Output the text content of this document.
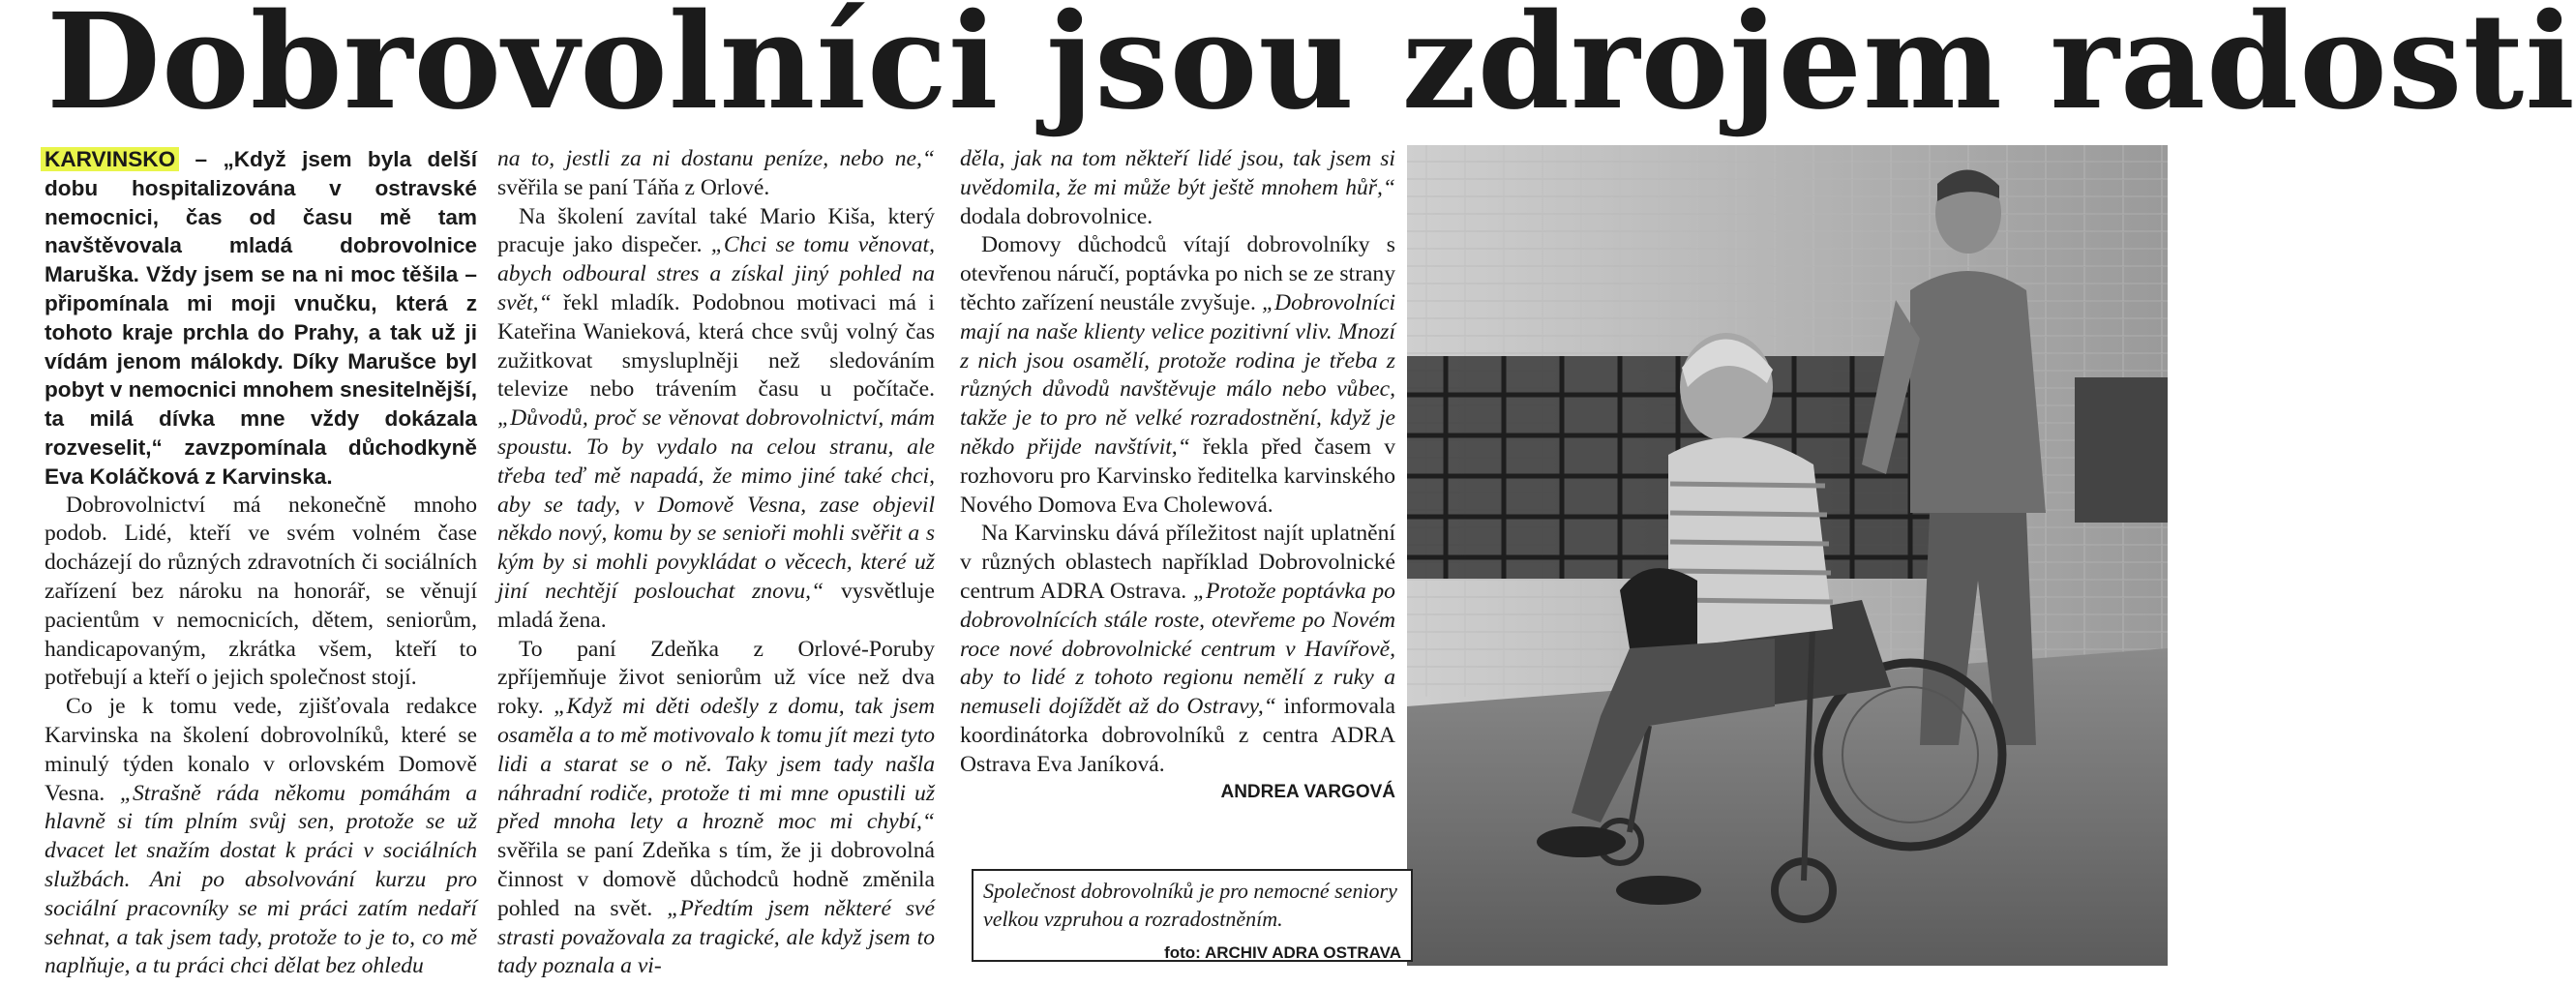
Dobrovolníci jsou zdrojem radosti

KARVINSKO – „Když jsem byla delší dobu hospitalizována v ostravské nemocnici, čas od času mě tam navštěvovala mladá dobrovolnice Maruška. Vždy jsem se na ni moc těšila – připomínala mi moji vnučku, která z tohoto kraje prchla do Prahy, a tak už ji vídám jenom málokdy. Díky Marušce byl pobyt v nemocnici mnohem snesitelnější, ta milá dívka mne vždy dokázala rozveselit,“ zavzpomínala důchodkyně Eva Koláčková z Karvinska.

Dobrovolnictví má nekonečně mnoho podob. Lidé, kteří ve svém volném čase docházejí do různých zdravotních či sociálních zařízení bez nároku na honorář, se věnují pacientům v nemocnicích, dětem, seniorům, handicapovaným, zkrátka všem, kteří to potřebují a kteří o jejich společnost stojí.

Co je k tomu vede, zjišťovala redakce Karvinska na školení dobrovolníků, které se minulý týden konalo v orlovském Domově Vesna. „Strašně ráda někomu pomáhám a hlavně si tím plním svůj sen, protože se už dvacet let snažím dostat k práci v sociálních službách. Ani po absolvování kurzu pro sociální pracovníky se mi práci zatím nedaří sehnat, a tak jsem tady, protože to je to, co mě naplňuje, a tu práci chci dělat bez ohledu

na to, jestli za ni dostanu peníze, nebo ne,“ svěřila se paní Táňa z Orlové.

Na školení zavítal také Mario Kiša, který pracuje jako dispečer. „Chci se tomu věnovat, abych odboural stres a získal jiný pohled na svět,“ řekl mladík. Podobnou motivaci má i Kateřina Wanieková, která chce svůj volný čas zužitkovat smysluplněji než sledováním televize nebo trávením času u počítače. „Důvodů, proč se věnovat dobrovolnictví, mám spoustu. To by vydalo na celou stranu, ale třeba teď mě napadá, že mimo jiné také chci, aby se tady, v Domově Vesna, zase objevil někdo nový, komu by se senioři mohli svěřit a s kým by si mohli povykládat o věcech, které už jiní nechtějí poslouchat znovu,“ vysvětluje mladá žena.

To paní Zdeňka z Orlové-Poruby zpříjemňuje život seniorům už více než dva roky. „Když mi děti odešly z domu, tak jsem osaměla a to mě motivovalo k tomu jít mezi tyto lidi a starat se o ně. Taky jsem tady našla náhradní rodiče, protože ti mi mne opustili už před mnoha lety a hrozně moc mi chybí,“ svěřila se paní Zdeňka s tím, že ji dobrovolná činnost v domově důchodců hodně změnila pohled na svět. „Předtím jsem některé své strasti považovala za tragické, ale když jsem to tady poznala a vi-

děla, jak na tom někteří lidé jsou, tak jsem si uvědomila, že mi může být ještě mnohem hůř,“ dodala dobrovolnice.

Domovy důchodců vítají dobrovolníky s otevřenou náručí, poptávka po nich se ze strany těchto zařízení neustále zvyšuje. „Dobrovolníci mají na naše klienty velice pozitivní vliv. Mnozí z nich jsou osamělí, protože rodina je třeba z různých důvodů navštěvuje málo nebo vůbec, takže je to pro ně velké rozradostnění, když je někdo přijde navštívit,“ řekla před časem v rozhovoru pro Karvinsko ředitelka karvinského Nového Domova Eva Cholewová.

Na Karvinsku dává příležitost najít uplatnění v různých oblastech například Dobrovolnické centrum ADRA Ostrava. „Protože poptávka po dobrovolnících stále roste, otevřeme po Novém roce nové dobrovolnické centrum v Havířově, aby to lidé z tohoto regionu nemělí z ruky a nemuseli dojíždět až do Ostravy,“ informovala koordinátorka dobrovolníků z centra ADRA Ostrava Eva Janíková.

ANDREA VARGOVÁ
Společnost dobrovolníků je pro nemocné seniory velkou vzpruhou a rozradostněním.
foto: ARCHIV ADRA OSTRAVA
